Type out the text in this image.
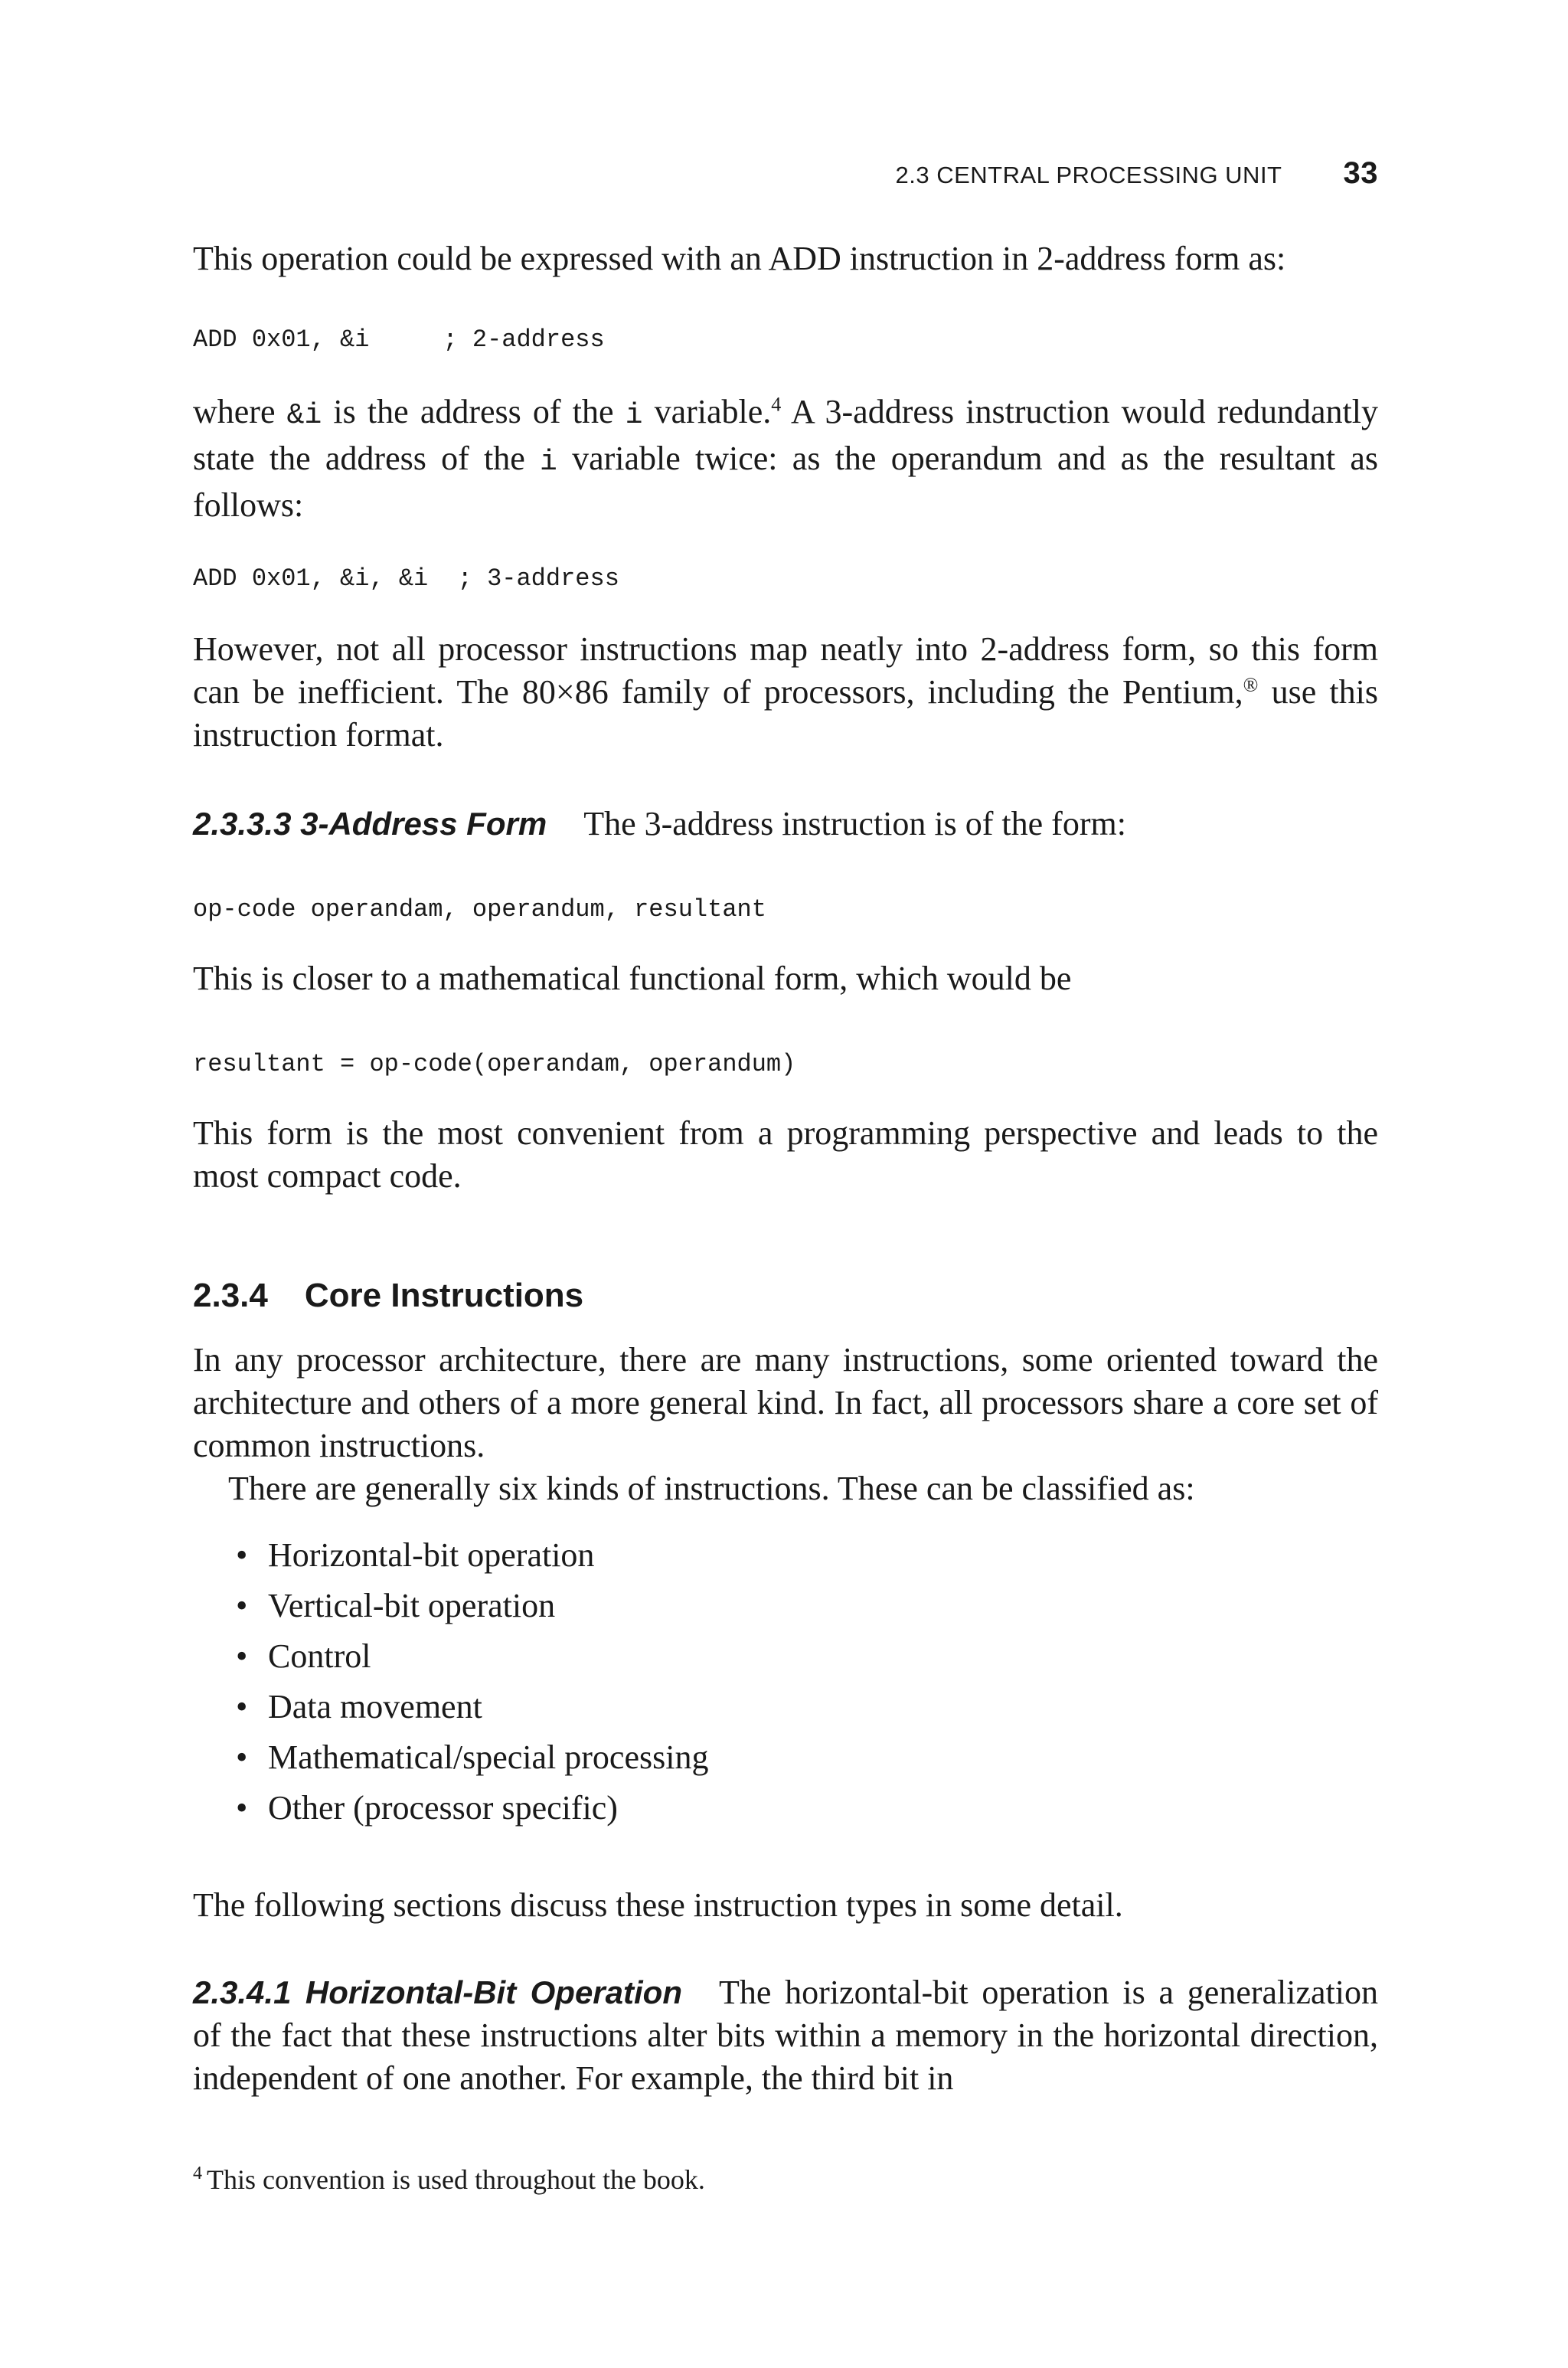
2.3 CENTRAL PROCESSING UNIT 33

This operation could be expressed with an ADD instruction in 2-address form as:

ADD 0x01, &i     ; 2-address

where &i is the address of the i variable.$^4$ A 3-address instruction would redundantly state the address of the i variable twice: as the operandum and as the resultant as follows:

ADD 0x01, &i, &i  ; 3-address

However, not all processor instructions map neatly into 2-address form, so this form can be inefficient. The 80×86 family of processors, including the Pentium,® use this instruction format.

2.3.3.3 3-Address Form The 3-address instruction is of the form:

op-code operandam, operandum, resultant

This is closer to a mathematical functional form, which would be

resultant = op-code(operandam, operandum)

This form is the most convenient from a programming perspective and leads to the most compact code.

2.3.4 Core Instructions

In any processor architecture, there are many instructions, some oriented toward the architecture and others of a more general kind. In fact, all processors share a core set of common instructions.

There are generally six kinds of instructions. These can be classified as:

• Horizontal-bit operation
• Vertical-bit operation
• Control
• Data movement
• Mathematical/special processing
• Other (processor specific)

The following sections discuss these instruction types in some detail.

2.3.4.1 Horizontal-Bit Operation The horizontal-bit operation is a generalization of the fact that these instructions alter bits within a memory in the horizontal direction, independent of one another. For example, the third bit in

$^4$ This convention is used throughout the book.
